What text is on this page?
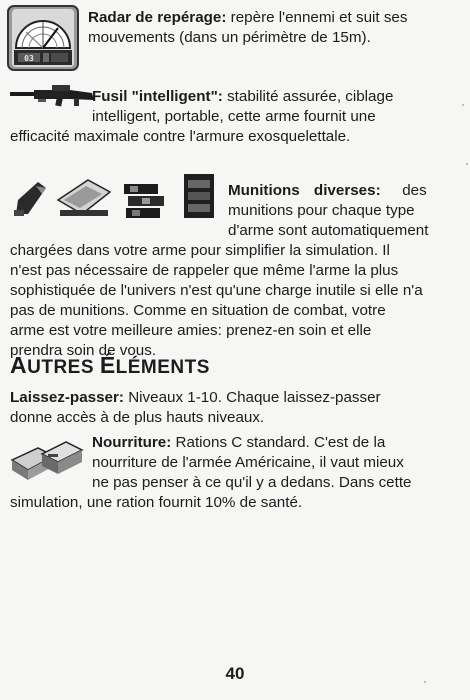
03

Radar de repérage: repère l'ennemi et suit ses

mouvements (dans un périmètre de 15m).

Fusil "intelligent": stabilité assurée, ciblage

intelligent, portable, cette arme fournit une

efficacité maximale contre l'armure exosquelettale.

Munitions diverses: des

munitions pour chaque type

d'arme sont automatiquement

chargées dans votre arme pour simplifier la simulation. Il

n'est pas nécessaire de rappeler que même l'arme la plus

sophistiquée de l'univers n'est qu'une charge inutile si elle n'a

pas de munitions. Comme en situation de combat, votre

arme est votre meilleure amies: prenez-en soin et elle

prendra soin de vous.

AUTRES ÉLÉMENTS

Laissez-passer: Niveaux 1-10. Chaque laissez-passer

donne accès à de plus hauts niveaux.

Nourriture: Rations C standard. C'est de la

nourriture de l'armée Américaine, il vaut mieux

ne pas penser à ce qu'il y a dedans. Dans cette

simulation, une ration fournit 10% de santé.

40
